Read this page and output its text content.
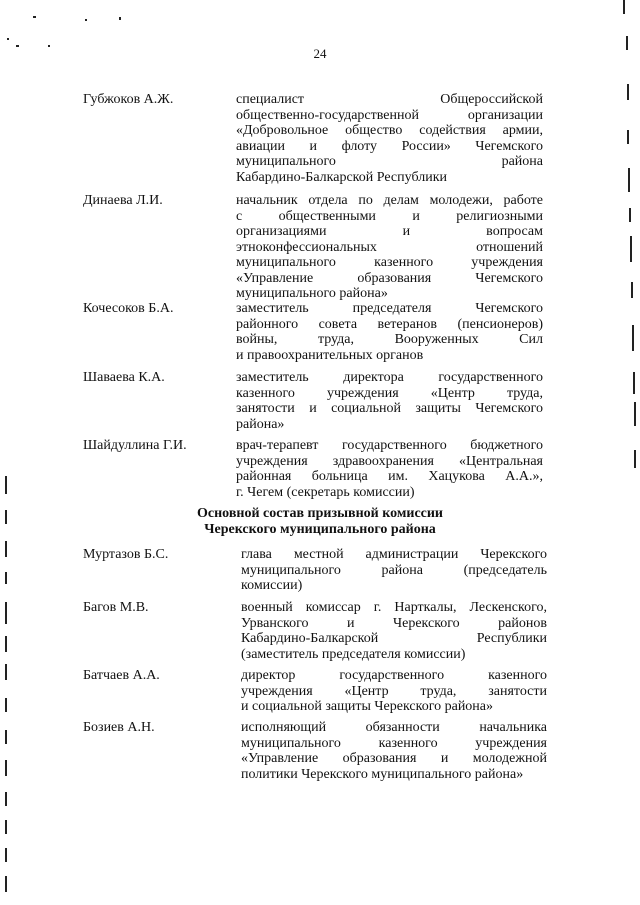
24
Губжоков А.Ж.	специалист Общероссийской
общественно-государственной организации
«Добровольное общество содействия армии,
авиации и флоту России» Чегемского
муниципального района
Кабардино-Балкарской Республики
Динаева Л.И.	начальник отдела по делам молодежи, работе
с общественными и религиозными
организациями и вопросам
этноконфессиональных отношений
муниципального казенного учреждения
«Управление образования Чегемского
муниципального района»
Кочесоков Б.А.	заместитель председателя Чегемского
районного совета ветеранов (пенсионеров)
войны, труда, Вооруженных Сил
и правоохранительных органов
Шаваева К.А.	заместитель директора государственного
казенного учреждения «Центр труда,
занятости и социальной защиты Чегемского
района»
Шайдуллина Г.И.	врач-терапевт государственного бюджетного
учреждения здравоохранения «Центральная
районная больница им. Хацукова А.А.»,
г. Чегем (секретарь комиссии)
Основной состав призывной комиссии
Черекского муниципального района
Муртазов Б.С.	глава местной администрации Черекского
муниципального района (председатель
комиссии)
Багов М.В.	военный комиссар г. Нарткалы, Лескенского,
Урванского и Черекского районов
Кабардино-Балкарской Республики
(заместитель председателя комиссии)
Батчаев А.А.	директор государственного казенного
учреждения «Центр труда, занятости
и социальной защиты Черекского района»
Бозиев А.Н.	исполняющий обязанности начальника
муниципального казенного учреждения
«Управление образования и молодежной
политики Черекского муниципального района»
